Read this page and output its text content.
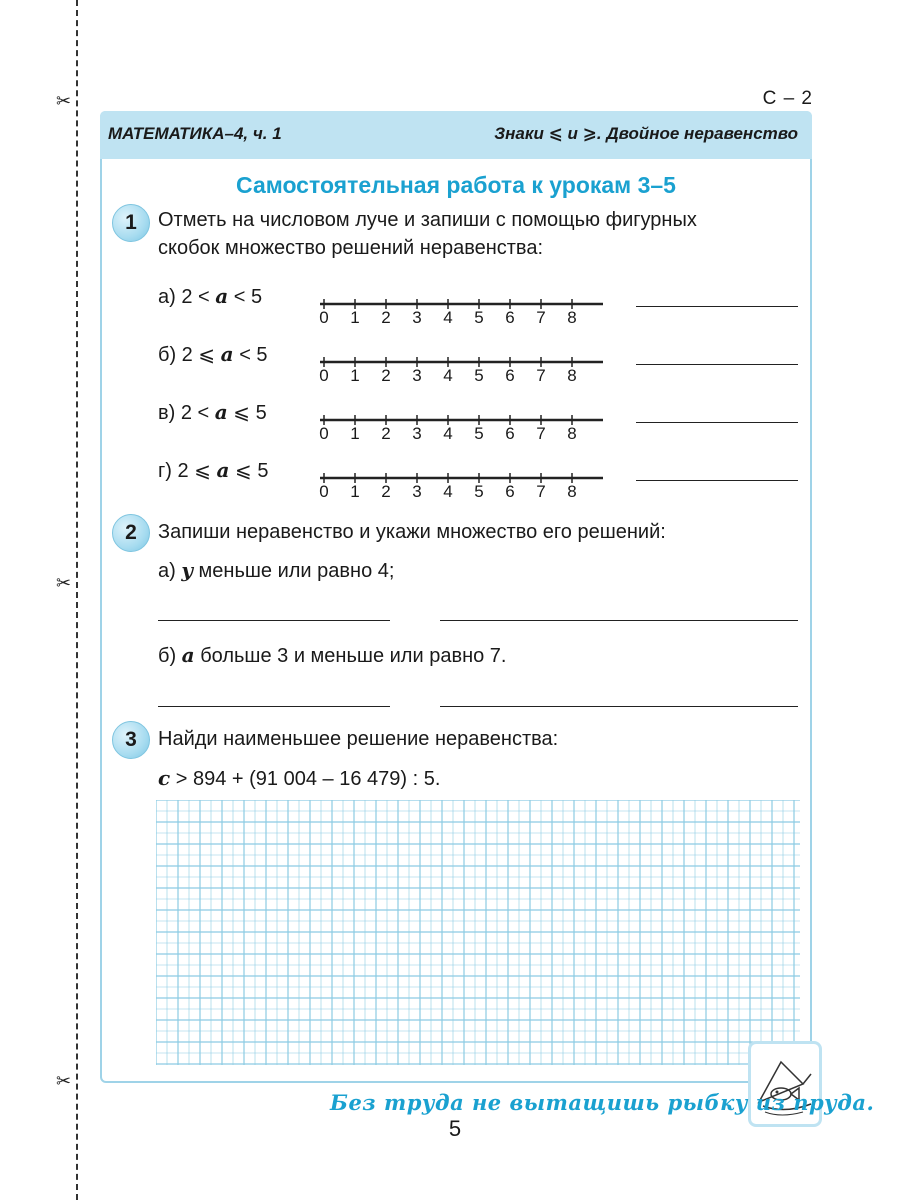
✂
✂
✂
С – 2
МАТЕМАТИКА–4, ч. 1	Знаки ⩽ и ⩾. Двойное неравенство
Самостоятельная работа к урокам 3–5
1	Отметь на числовом луче и запиши с помощью фигурных
скобок множество решений неравенства:
а) 2 < a < 5
0	1	2	3	4	5	6	7	8
б) 2 ⩽ a < 5
0	1	2	3	4	5	6	7	8
в) 2 < a ⩽ 5
0	1	2	3	4	5	6	7	8
г) 2 ⩽ a ⩽ 5
0	1	2	3	4	5	6	7	8
2	Запиши неравенство и укажи множество его решений:
а) y меньше или равно 4;
б) a больше 3 и меньше или равно 7.
3	Найди наименьшее решение неравенства:
c > 894 + (91 004 – 16 479) : 5.
Без труда не вытащишь рыбку из пруда.
5
